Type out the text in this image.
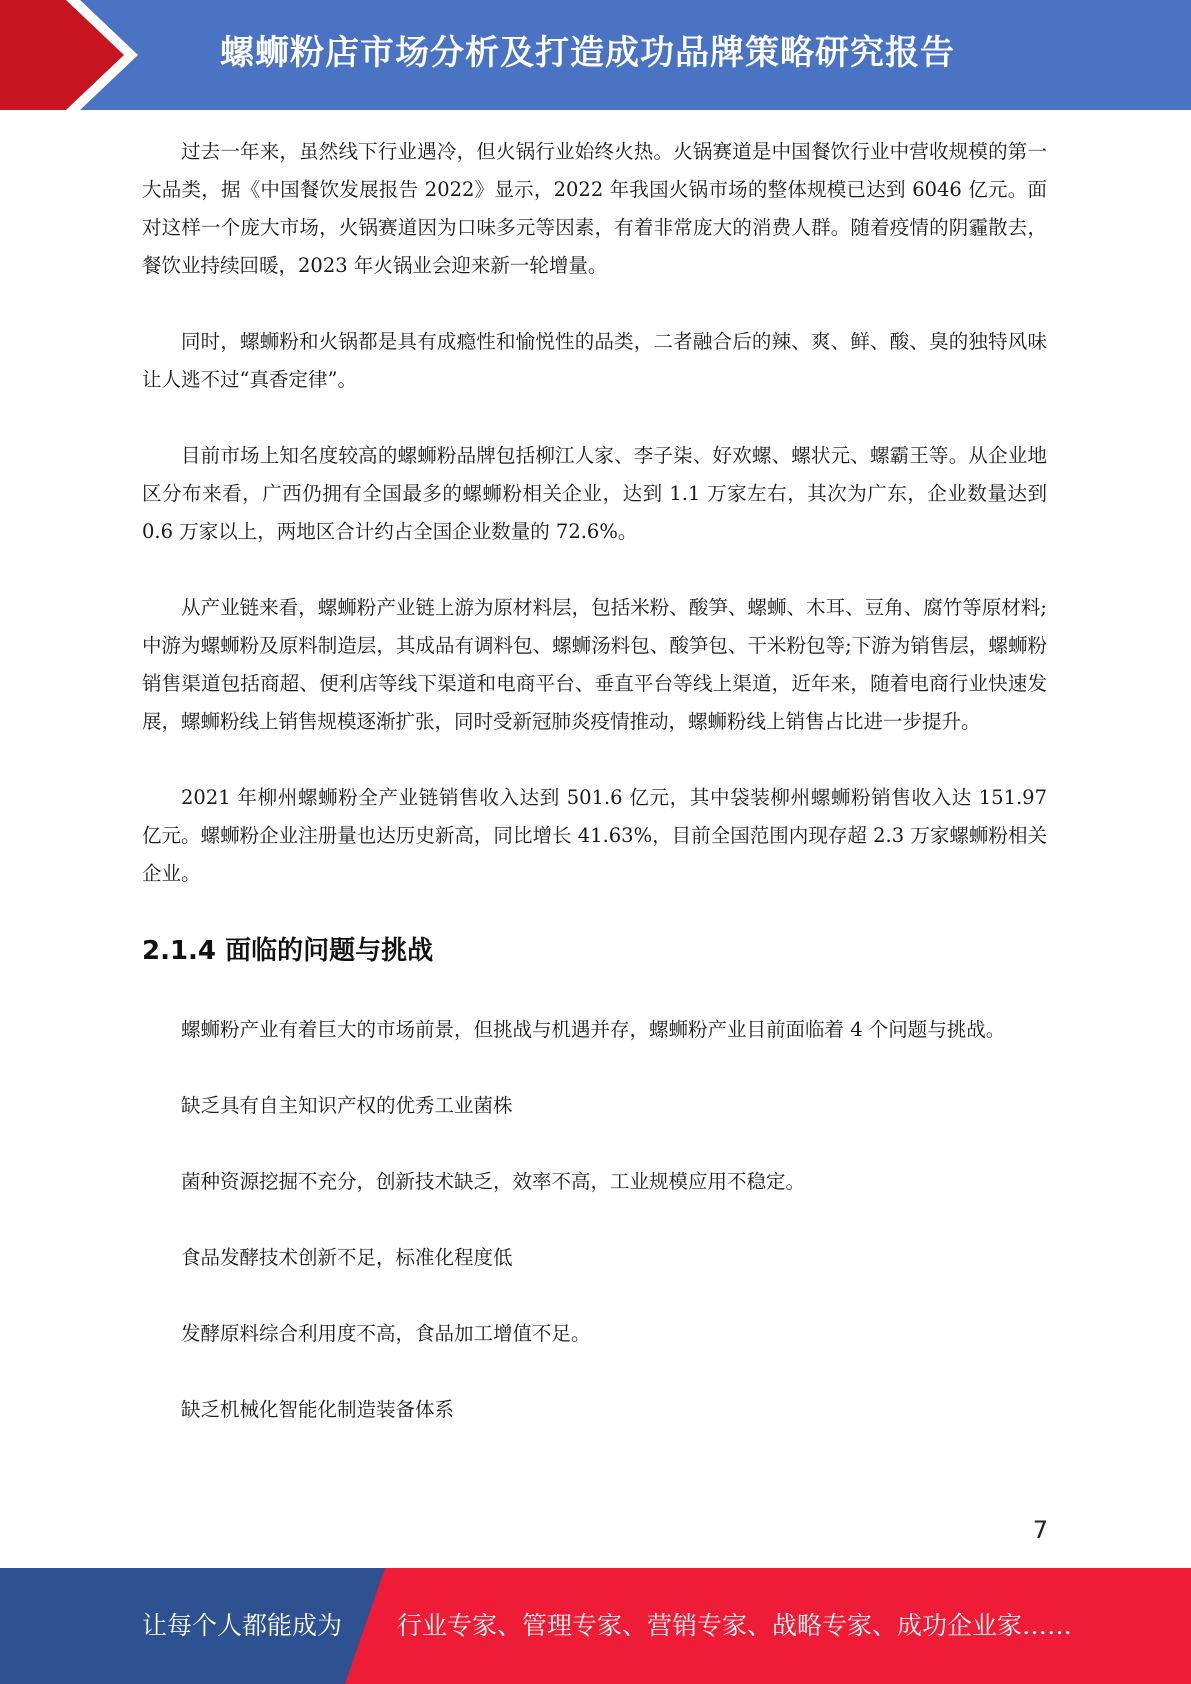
螺蛳粉店市场分析及打造成功品牌策略研究报告

过去一年来，虽然线下行业遇冷，但火锅行业始终火热。火锅赛道是中国餐饮行业中营收规模的第一大品类，据《中国餐饮发展报告 2022》显示，2022 年我国火锅市场的整体规模已达到 6046 亿元。面对这样一个庞大市场，火锅赛道因为口味多元等因素，有着非常庞大的消费人群。随着疫情的阴霾散去，餐饮业持续回暖，2023 年火锅业会迎来新一轮增量。

同时，螺蛳粉和火锅都是具有成瘾性和愉悦性的品类，二者融合后的辣、爽、鲜、酸、臭的独特风味让人逃不过“真香定律”。

目前市场上知名度较高的螺蛳粉品牌包括柳江人家、李子柒、好欢螺、螺状元、螺霸王等。从企业地区分布来看，广西仍拥有全国最多的螺蛳粉相关企业，达到 1.1 万家左右，其次为广东，企业数量达到 0.6 万家以上，两地区合计约占全国企业数量的 72.6%。

从产业链来看，螺蛳粉产业链上游为原材料层，包括米粉、酸笋、螺蛳、木耳、豆角、腐竹等原材料;中游为螺蛳粉及原料制造层，其成品有调料包、螺蛳汤料包、酸笋包、干米粉包等;下游为销售层，螺蛳粉销售渠道包括商超、便利店等线下渠道和电商平台、垂直平台等线上渠道，近年来，随着电商行业快速发展，螺蛳粉线上销售规模逐渐扩张，同时受新冠肺炎疫情推动，螺蛳粉线上销售占比进一步提升。

2021 年柳州螺蛳粉全产业链销售收入达到 501.6 亿元，其中袋装柳州螺蛳粉销售收入达 151.97 亿元。螺蛳粉企业注册量也达历史新高，同比增长 41.63%，目前全国范围内现存超 2.3 万家螺蛳粉相关企业。

2.1.4 面临的问题与挑战

螺蛳粉产业有着巨大的市场前景，但挑战与机遇并存，螺蛳粉产业目前面临着 4 个问题与挑战。

缺乏具有自主知识产权的优秀工业菌株

菌种资源挖掘不充分，创新技术缺乏，效率不高，工业规模应用不稳定。

食品发酵技术创新不足，标准化程度低

发酵原料综合利用度不高，食品加工增值不足。

缺乏机械化智能化制造装备体系

7
让每个人都能成为 行业专家、管理专家、营销专家、战略专家、成功企业家……
